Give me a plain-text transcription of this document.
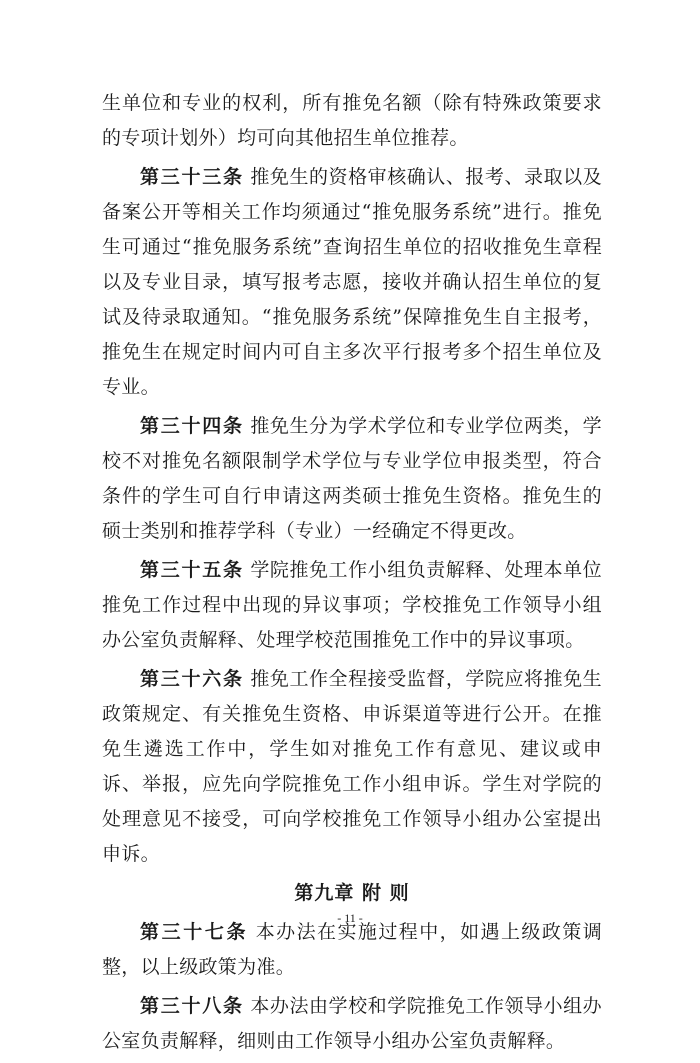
生单位和专业的权利，所有推免名额（除有特殊政策要求的专项计划外）均可向其他招生单位推荐。

第三十三条 推免生的资格审核确认、报考、录取以及备案公开等相关工作均须通过“推免服务系统”进行。推免生可通过“推免服务系统”查询招生单位的招收推免生章程以及专业目录，填写报考志愿，接收并确认招生单位的复试及待录取通知。“推免服务系统”保障推免生自主报考，推免生在规定时间内可自主多次平行报考多个招生单位及专业。

第三十四条 推免生分为学术学位和专业学位两类，学校不对推免名额限制学术学位与专业学位申报类型，符合条件的学生可自行申请这两类硕士推免生资格。推免生的硕士类别和推荐学科（专业）一经确定不得更改。

第三十五条 学院推免工作小组负责解释、处理本单位推免工作过程中出现的异议事项；学校推免工作领导小组办公室负责解释、处理学校范围推免工作中的异议事项。

第三十六条 推免工作全程接受监督，学院应将推免生政策规定、有关推免生资格、申诉渠道等进行公开。在推免生遴选工作中，学生如对推免工作有意见、建议或申诉、举报，应先向学院推免工作小组申诉。学生对学院的处理意见不接受，可向学校推免工作领导小组办公室提出申诉。

第九章 附 则

第三十七条 本办法在实施过程中，如遇上级政策调整，以上级政策为准。

第三十八条 本办法由学校和学院推免工作领导小组办公室负责解释，细则由工作领导小组办公室负责解释。

- 11 -
